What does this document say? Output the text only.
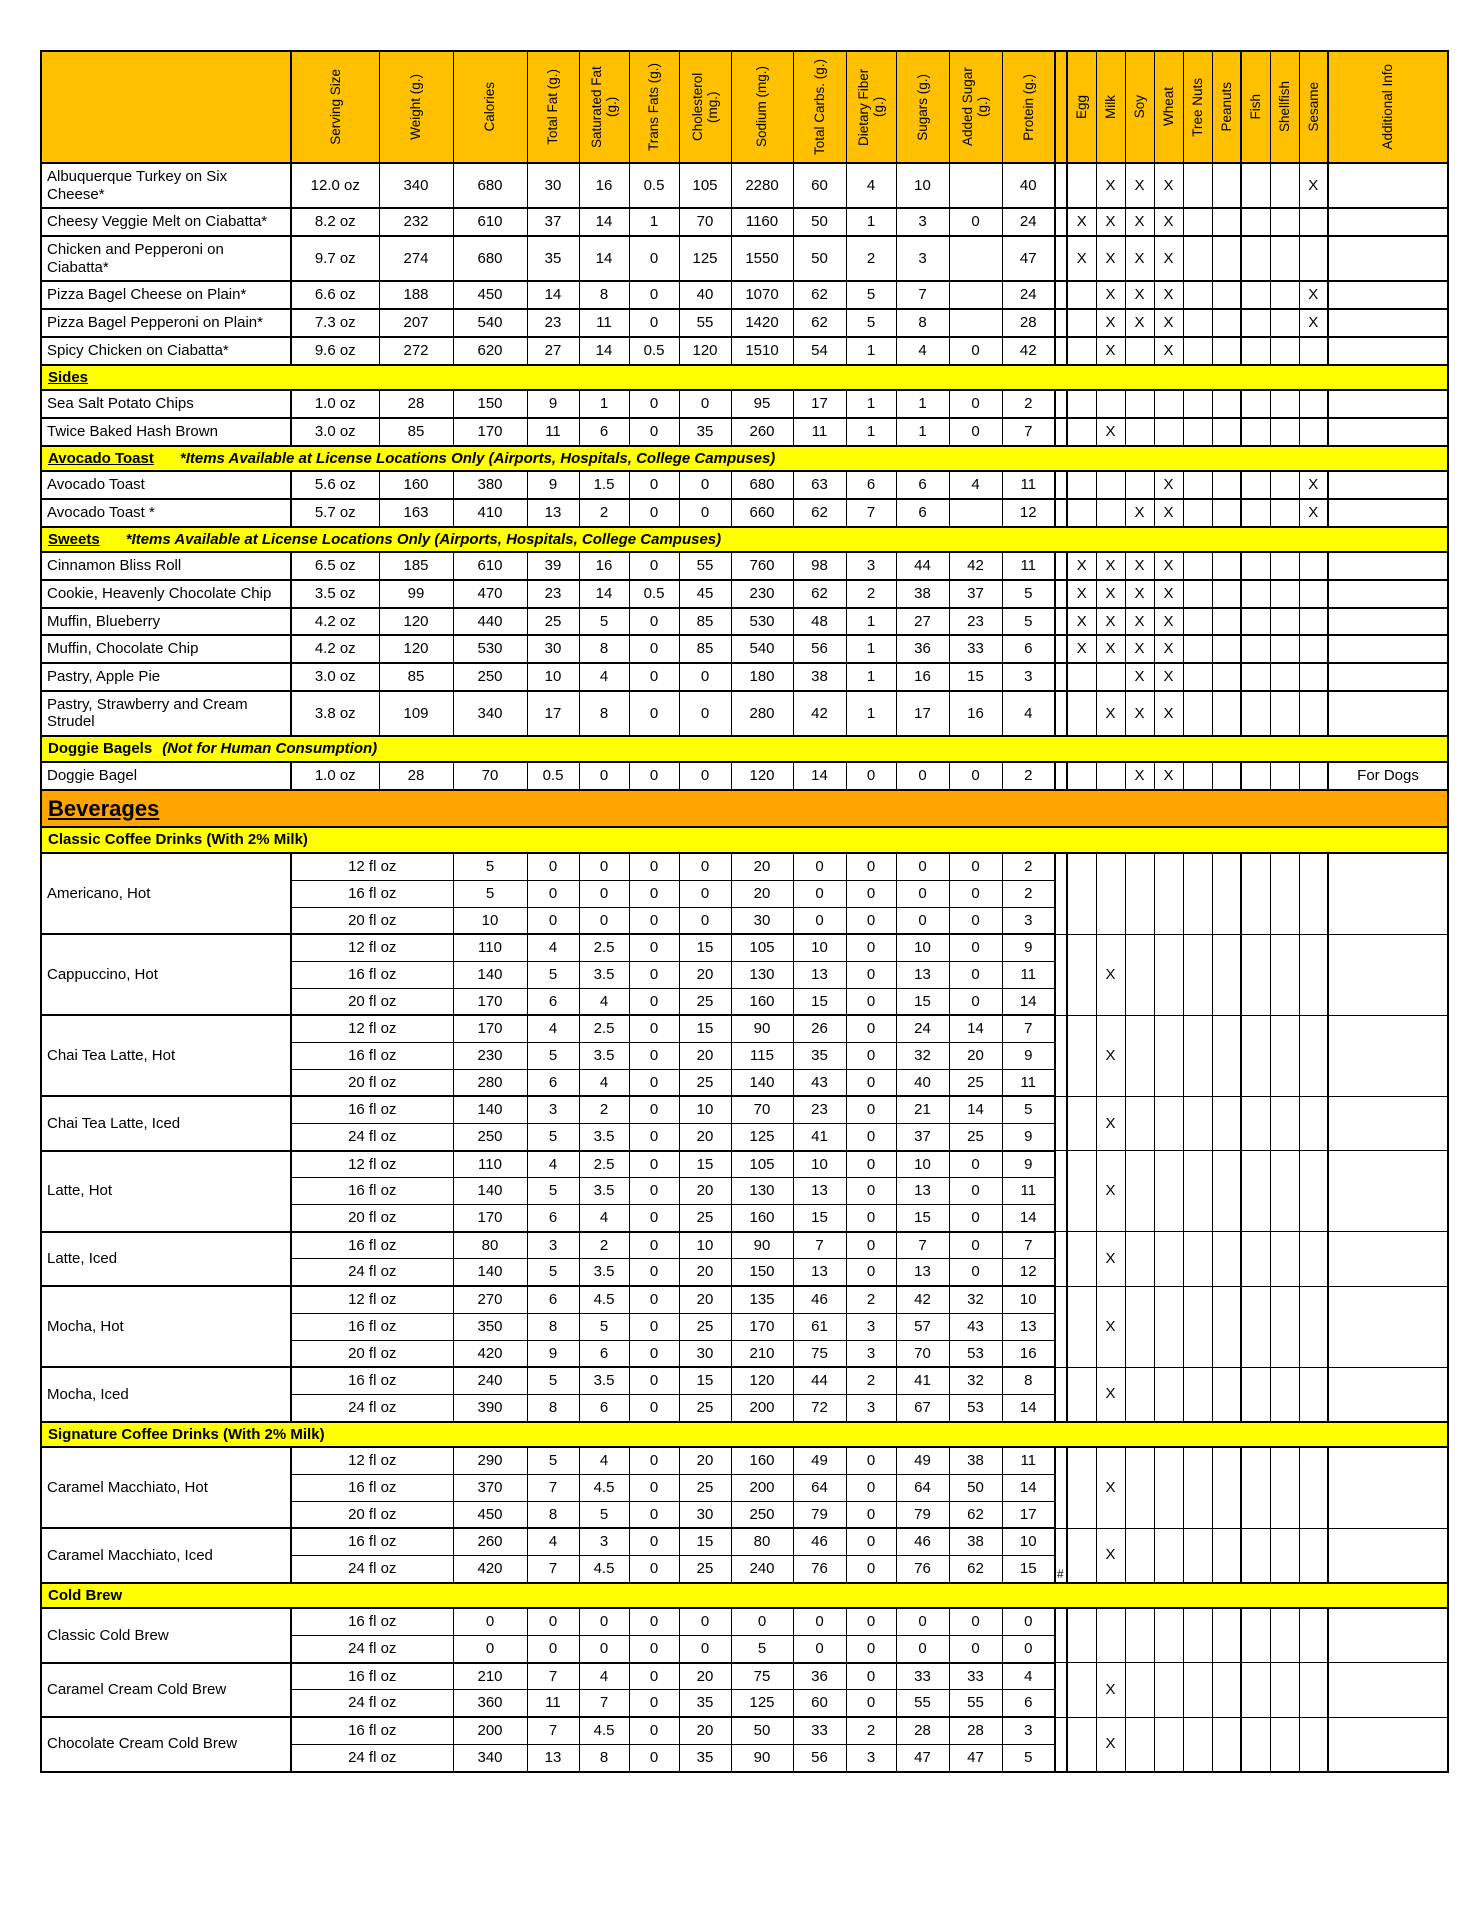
	Serving Size	Weight (g.)	Calories	Total Fat (g.)	Saturated Fat (g.)	Trans Fats (g.)	Cholesterol (mg.)	Sodium (mg.)	Total Carbs. (g.)	Dietary Fiber (g.)	Sugars (g.)	Added Sugar (g.)	Protein (g.)		Egg	Milk	Soy	Wheat	Tree Nuts	Peanuts	Fish	Shellfish	Sesame	Additional Info

Albuquerque Turkey on Six Cheese*	12.0 oz	340	680	30	16	0.5	105	2280	60	4	10		40			X	X	X					X	
Cheesy Veggie Melt on Ciabatta*	8.2 oz	232	610	37	14	1	70	1160	50	1	3	0	24		X	X	X	X						
Chicken and Pepperoni on Ciabatta*	9.7 oz	274	680	35	14	0	125	1550	50	2	3		47		X	X	X	X						
Pizza Bagel Cheese on Plain*	6.6 oz	188	450	14	8	0	40	1070	62	5	7		24			X	X	X					X	
Pizza Bagel Pepperoni on Plain*	7.3 oz	207	540	23	11	0	55	1420	62	5	8		28			X	X	X					X	
Spicy Chicken on Ciabatta*	9.6 oz	272	620	27	14	0.5	120	1510	54	1	4	0	42			X		X						
Sides																								
Sea Salt Potato Chips	1.0 oz	28	150	9	1	0	0	95	17	1	1	0	2											
Twice Baked Hash Brown	3.0 oz	85	170	11	6	0	35	260	11	1	1	0	7			X								
Avocado Toast *Items Available at License Locations Only (Airports, Hospitals, College Campuses)																								
Avocado Toast	5.6 oz	160	380	9	1.5	0	0	680	63	6	6	4	11					X					X	
Avocado Toast *	5.7 oz	163	410	13	2	0	0	660	62	7	6		12				X	X					X	
Sweets *Items Available at License Locations Only (Airports, Hospitals, College Campuses)																								
Cinnamon Bliss Roll	6.5 oz	185	610	39	16	0	55	760	98	3	44	42	11		X	X	X	X						
Cookie, Heavenly Chocolate Chip	3.5 oz	99	470	23	14	0.5	45	230	62	2	38	37	5		X	X	X	X						
Muffin, Blueberry	4.2 oz	120	440	25	5	0	85	530	48	1	27	23	5		X	X	X	X						
Muffin, Chocolate Chip	4.2 oz	120	530	30	8	0	85	540	56	1	36	33	6		X	X	X	X						
Pastry, Apple Pie	3.0 oz	85	250	10	4	0	0	180	38	1	16	15	3				X	X						
Pastry, Strawberry and Cream Strudel	3.8 oz	109	340	17	8	0	0	280	42	1	17	16	4			X	X	X						
Doggie Bagels (Not for Human Consumption)																								
Doggie Bagel	1.0 oz	28	70	0.5	0	0	0	120	14	0	0	0	2				X	X						For Dogs
Beverages																								
Classic Coffee Drinks (With 2% Milk)																								
Americano, Hot	12 fl oz		5	0	0	0	0	20	0	0	0	0	2											
	16 fl oz		5	0	0	0	0	20	0	0	0	0	2											
	20 fl oz		10	0	0	0	0	30	0	0	0	0	3											
Cappuccino, Hot	12 fl oz		110	4	2.5	0	15	105	10	0	10	0	9			X								
	16 fl oz		140	5	3.5	0	20	130	13	0	13	0	11											
	20 fl oz		170	6	4	0	25	160	15	0	15	0	14											
Chai Tea Latte, Hot	12 fl oz		170	4	2.5	0	15	90	26	0	24	14	7			X								
	16 fl oz		230	5	3.5	0	20	115	35	0	32	20	9											
	20 fl oz		280	6	4	0	25	140	43	0	40	25	11											
Chai Tea Latte, Iced	16 fl oz		140	3	2	0	10	70	23	0	21	14	5			X								
	24 fl oz		250	5	3.5	0	20	125	41	0	37	25	9											
Latte, Hot	12 fl oz		110	4	2.5	0	15	105	10	0	10	0	9			X								
	16 fl oz		140	5	3.5	0	20	130	13	0	13	0	11											
	20 fl oz		170	6	4	0	25	160	15	0	15	0	14											
Latte, Iced	16 fl oz		80	3	2	0	10	90	7	0	7	0	7			X								
	24 fl oz		140	5	3.5	0	20	150	13	0	13	0	12											
Mocha, Hot	12 fl oz		270	6	4.5	0	20	135	46	2	42	32	10			X								
	16 fl oz		350	8	5	0	25	170	61	3	57	43	13											
	20 fl oz		420	9	6	0	30	210	75	3	70	53	16											
Mocha, Iced	16 fl oz		240	5	3.5	0	15	120	44	2	41	32	8			X								
	24 fl oz		390	8	6	0	25	200	72	3	67	53	14											
Signature Coffee Drinks (With 2% Milk)																								
Caramel Macchiato, Hot	12 fl oz		290	5	4	0	20	160	49	0	49	38	11			X								
	16 fl oz		370	7	4.5	0	25	200	64	0	64	50	14											
	20 fl oz		450	8	5	0	30	250	79	0	79	62	17											
Caramel Macchiato, Iced	16 fl oz		260	4	3	0	15	80	46	0	46	38	10	#		X								
	24 fl oz		420	7	4.5	0	25	240	76	0	76	62	15											
Cold Brew																								
Classic Cold Brew	16 fl oz		0	0	0	0	0	0	0	0	0	0	0											
	24 fl oz		0	0	0	0	0	5	0	0	0	0	0											
Caramel Cream Cold Brew	16 fl oz		210	7	4	0	20	75	36	0	33	33	4			X								
	24 fl oz		360	11	7	0	35	125	60	0	55	55	6											
Chocolate Cream Cold Brew	16 fl oz		200	7	4.5	0	20	50	33	2	28	28	3			X								
	24 fl oz		340	13	8	0	35	90	56	3	47	47	5											
